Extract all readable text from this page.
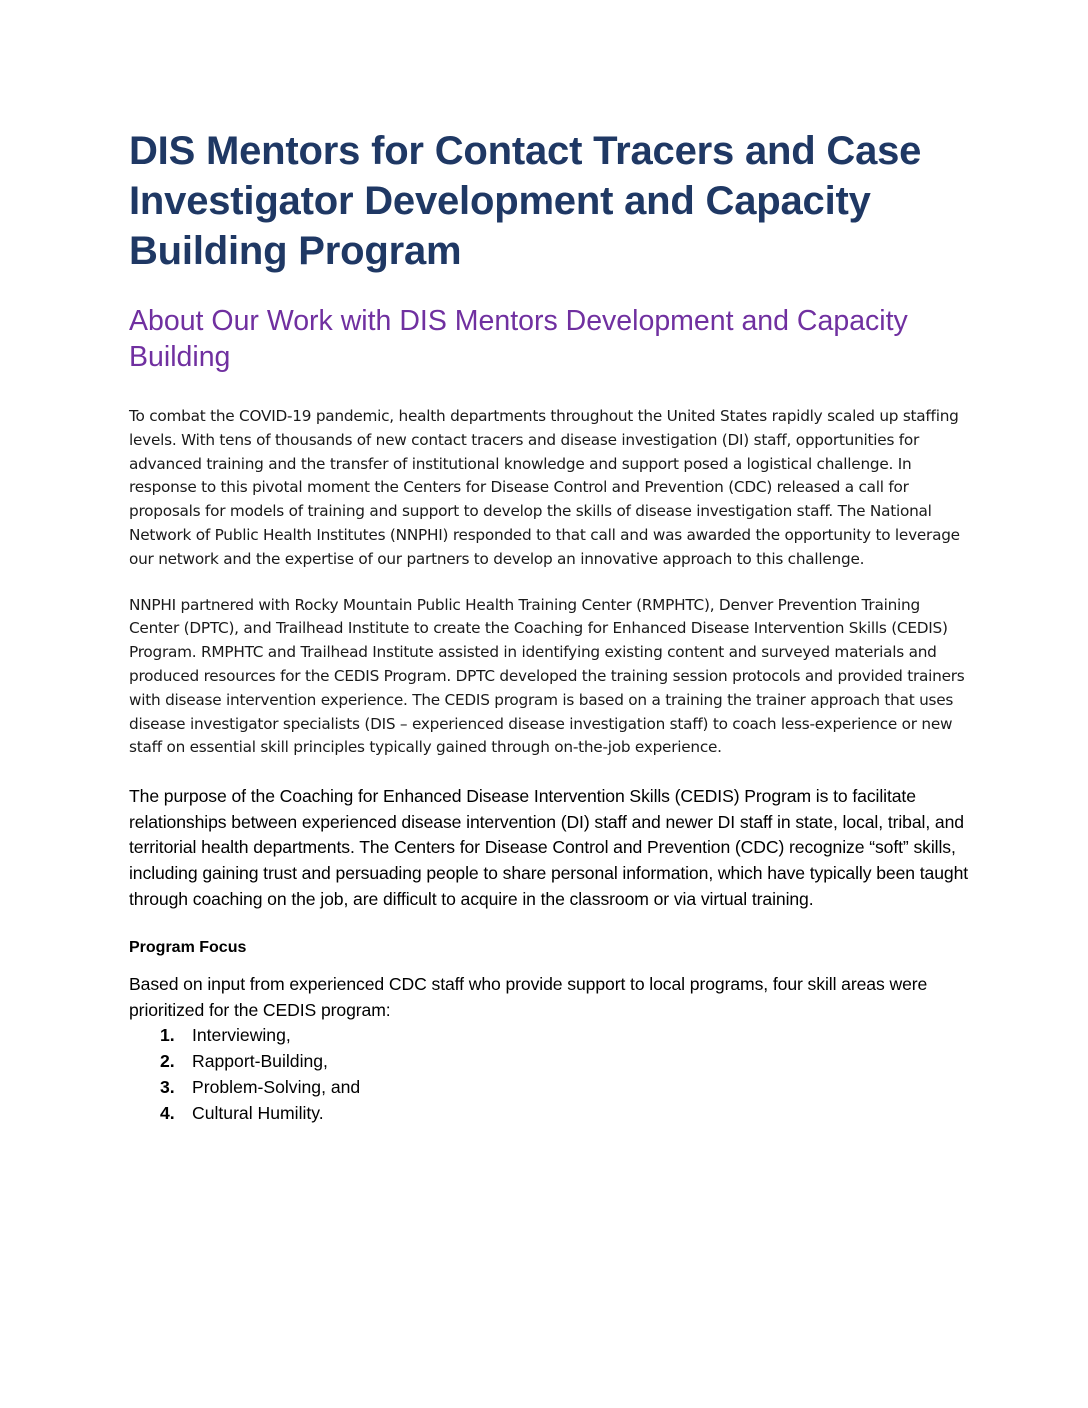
DIS Mentors for Contact Tracers and Case Investigator Development and Capacity Building Program
About Our Work with DIS Mentors Development and Capacity Building

To combat the COVID-19 pandemic, health departments throughout the United States rapidly scaled up staffing levels. With tens of thousands of new contact tracers and disease investigation (DI) staff, opportunities for advanced training and the transfer of institutional knowledge and support posed a logistical challenge. In response to this pivotal moment the Centers for Disease Control and Prevention (CDC) released a call for proposals for models of training and support to develop the skills of disease investigation staff. The National Network of Public Health Institutes (NNPHI) responded to that call and was awarded the opportunity to leverage our network and the expertise of our partners to develop an innovative approach to this challenge.

NNPHI partnered with Rocky Mountain Public Health Training Center (RMPHTC), Denver Prevention Training Center (DPTC), and Trailhead Institute to create the Coaching for Enhanced Disease Intervention Skills (CEDIS) Program. RMPHTC and Trailhead Institute assisted in identifying existing content and surveyed materials and produced resources for the CEDIS Program. DPTC developed the training session protocols and provided trainers with disease intervention experience. The CEDIS program is based on a training the trainer approach that uses disease investigator specialists (DIS – experienced disease investigation staff) to coach less-experience or new staff on essential skill principles typically gained through on-the-job experience.

The purpose of the Coaching for Enhanced Disease Intervention Skills (CEDIS) Program is to facilitate relationships between experienced disease intervention (DI) staff and newer DI staff in state, local, tribal, and territorial health departments. The Centers for Disease Control and Prevention (CDC) recognize “soft” skills, including gaining trust and persuading people to share personal information, which have typically been taught through coaching on the job, are difficult to acquire in the classroom or via virtual training.

Program Focus

Based on input from experienced CDC staff who provide support to local programs, four skill areas were prioritized for the CEDIS program:

1. Interviewing,
2. Rapport-Building,
3. Problem-Solving, and
4. Cultural Humility.
